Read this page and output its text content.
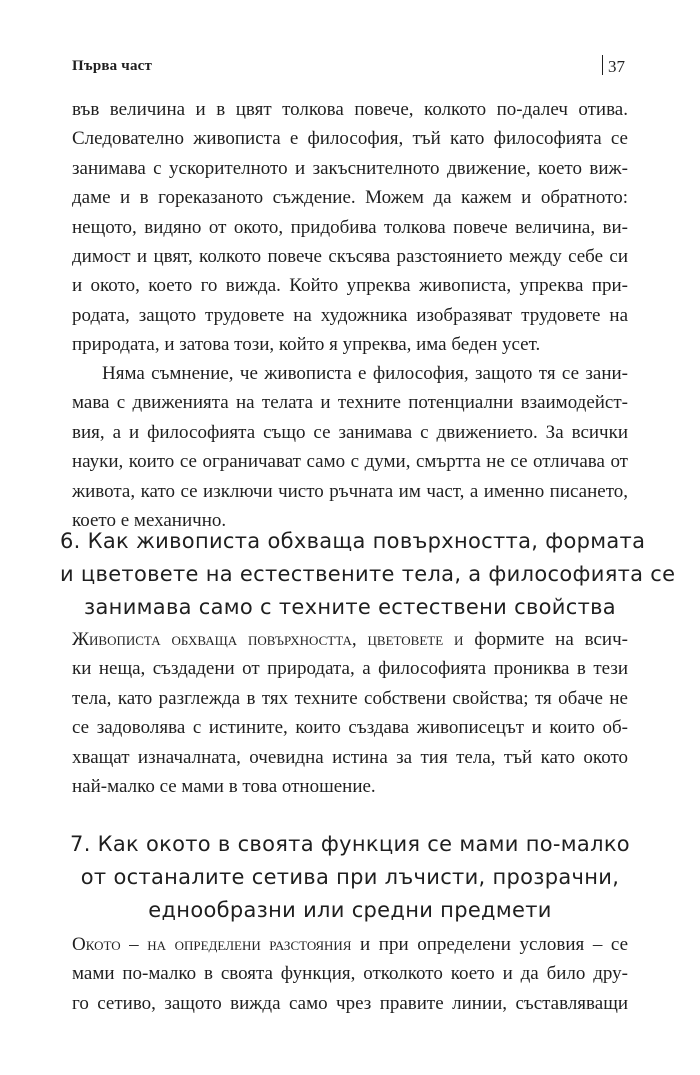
Първа част	37
във величина и в цвят толкова повече, колкото по-далеч отива.
Следователно живописта е философия, тъй като философията се
занимава с ускорителното и закъснителното движение, което виж-
даме и в гореказаното съждение. Можем да кажем и обратното:
нещото, видяно от окото, придобива толкова повече величина, ви-
димост и цвят, колкото повече скъсява разстоянието между себе си
и окото, което го вижда. Който упреква живописта, упреква при-
родата, защото трудовете на художника изобразяват трудовете на
природата, и затова този, който я упреква, има беден усет.
Няма съмнение, че живописта е философия, защото тя се зани-
мава с движенията на телата и техните потенциални взаимодейст-
вия, а и философията също се занимава с движението. За всички
науки, които се ограничават само с думи, смъртта не се отличава от
живота, като се изключи чисто ръчната им част, а именно писането,
което е механично.
6. Как живописта обхваща повърхността, формата
и цветовете на естествените тела, а философията се
занимава само с техните естествени свойства
Живописта обхваща повърхността, цветовете и формите на всич-
ки неща, създадени от природата, а философията прониква в тези
тела, като разглежда в тях техните собствени свойства; тя обаче не
се задоволява с истините, които създава живописецът и които об-
хващат изначалната, очевидна истина за тия тела, тъй като окото
най-малко се мами в това отношение.
7. Как окото в своята функция се мами по-малко
от останалите сетива при лъчисти, прозрачни,
еднообразни или средни предмети
Окото – на определени разстояния и при определени условия – се
мами по-малко в своята функция, отколкото което и да било дру-
го сетиво, защото вижда само чрез правите линии, съставляващи
